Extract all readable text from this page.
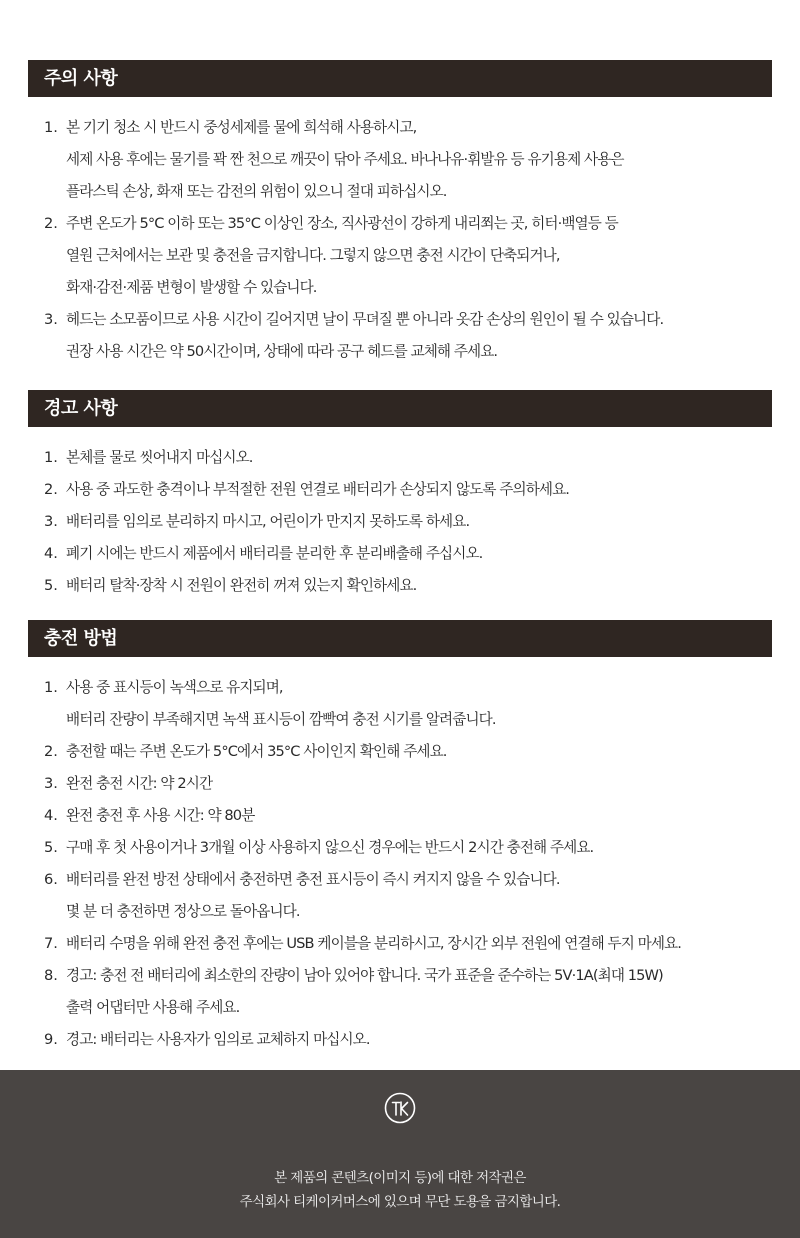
주의 사항
1. 본 기기 청소 시 반드시 중성세제를 물에 희석해 사용하시고,
세제 사용 후에는 물기를 꽉 짠 천으로 깨끗이 닦아 주세요. 바나나유·휘발유 등 유기용제 사용은
플라스틱 손상, 화재 또는 감전의 위험이 있으니 절대 피하십시오.
2. 주변 온도가 5°C 이하 또는 35°C 이상인 장소, 직사광선이 강하게 내리쬐는 곳, 히터·백열등 등
열원 근처에서는 보관 및 충전을 금지합니다. 그렇지 않으면 충전 시간이 단축되거나,
화재·감전·제품 변형이 발생할 수 있습니다.
3. 헤드는 소모품이므로 사용 시간이 길어지면 날이 무뎌질 뿐 아니라 옷감 손상의 원인이 될 수 있습니다.
권장 사용 시간은 약 50시간이며, 상태에 따라 공구 헤드를 교체해 주세요.
경고 사항
1. 본체를 물로 씻어내지 마십시오.
2. 사용 중 과도한 충격이나 부적절한 전원 연결로 배터리가 손상되지 않도록 주의하세요.
3. 배터리를 임의로 분리하지 마시고, 어린이가 만지지 못하도록 하세요.
4. 폐기 시에는 반드시 제품에서 배터리를 분리한 후 분리배출해 주십시오.
5. 배터리 탈착·장착 시 전원이 완전히 꺼져 있는지 확인하세요.
충전 방법
1. 사용 중 표시등이 녹색으로 유지되며,
배터리 잔량이 부족해지면 녹색 표시등이 깜빡여 충전 시기를 알려줍니다.
2. 충전할 때는 주변 온도가 5°C에서 35°C 사이인지 확인해 주세요.
3. 완전 충전 시간: 약 2시간
4. 완전 충전 후 사용 시간: 약 80분
5. 구매 후 첫 사용이거나 3개월 이상 사용하지 않으신 경우에는 반드시 2시간 충전해 주세요.
6. 배터리를 완전 방전 상태에서 충전하면 충전 표시등이 즉시 켜지지 않을 수 있습니다.
몇 분 더 충전하면 정상으로 돌아옵니다.
7. 배터리 수명을 위해 완전 충전 후에는 USB 케이블을 분리하시고, 장시간 외부 전원에 연결해 두지 마세요.
8. 경고: 충전 전 배터리에 최소한의 잔량이 남아 있어야 합니다. 국가 표준을 준수하는 5V·1A(최대 15W)
출력 어댑터만 사용해 주세요.
9. 경고: 배터리는 사용자가 임의로 교체하지 마십시오.
본 제품의 콘텐츠(이미지 등)에 대한 저작권은
주식회사 티케이커머스에 있으며 무단 도용을 금지합니다.
